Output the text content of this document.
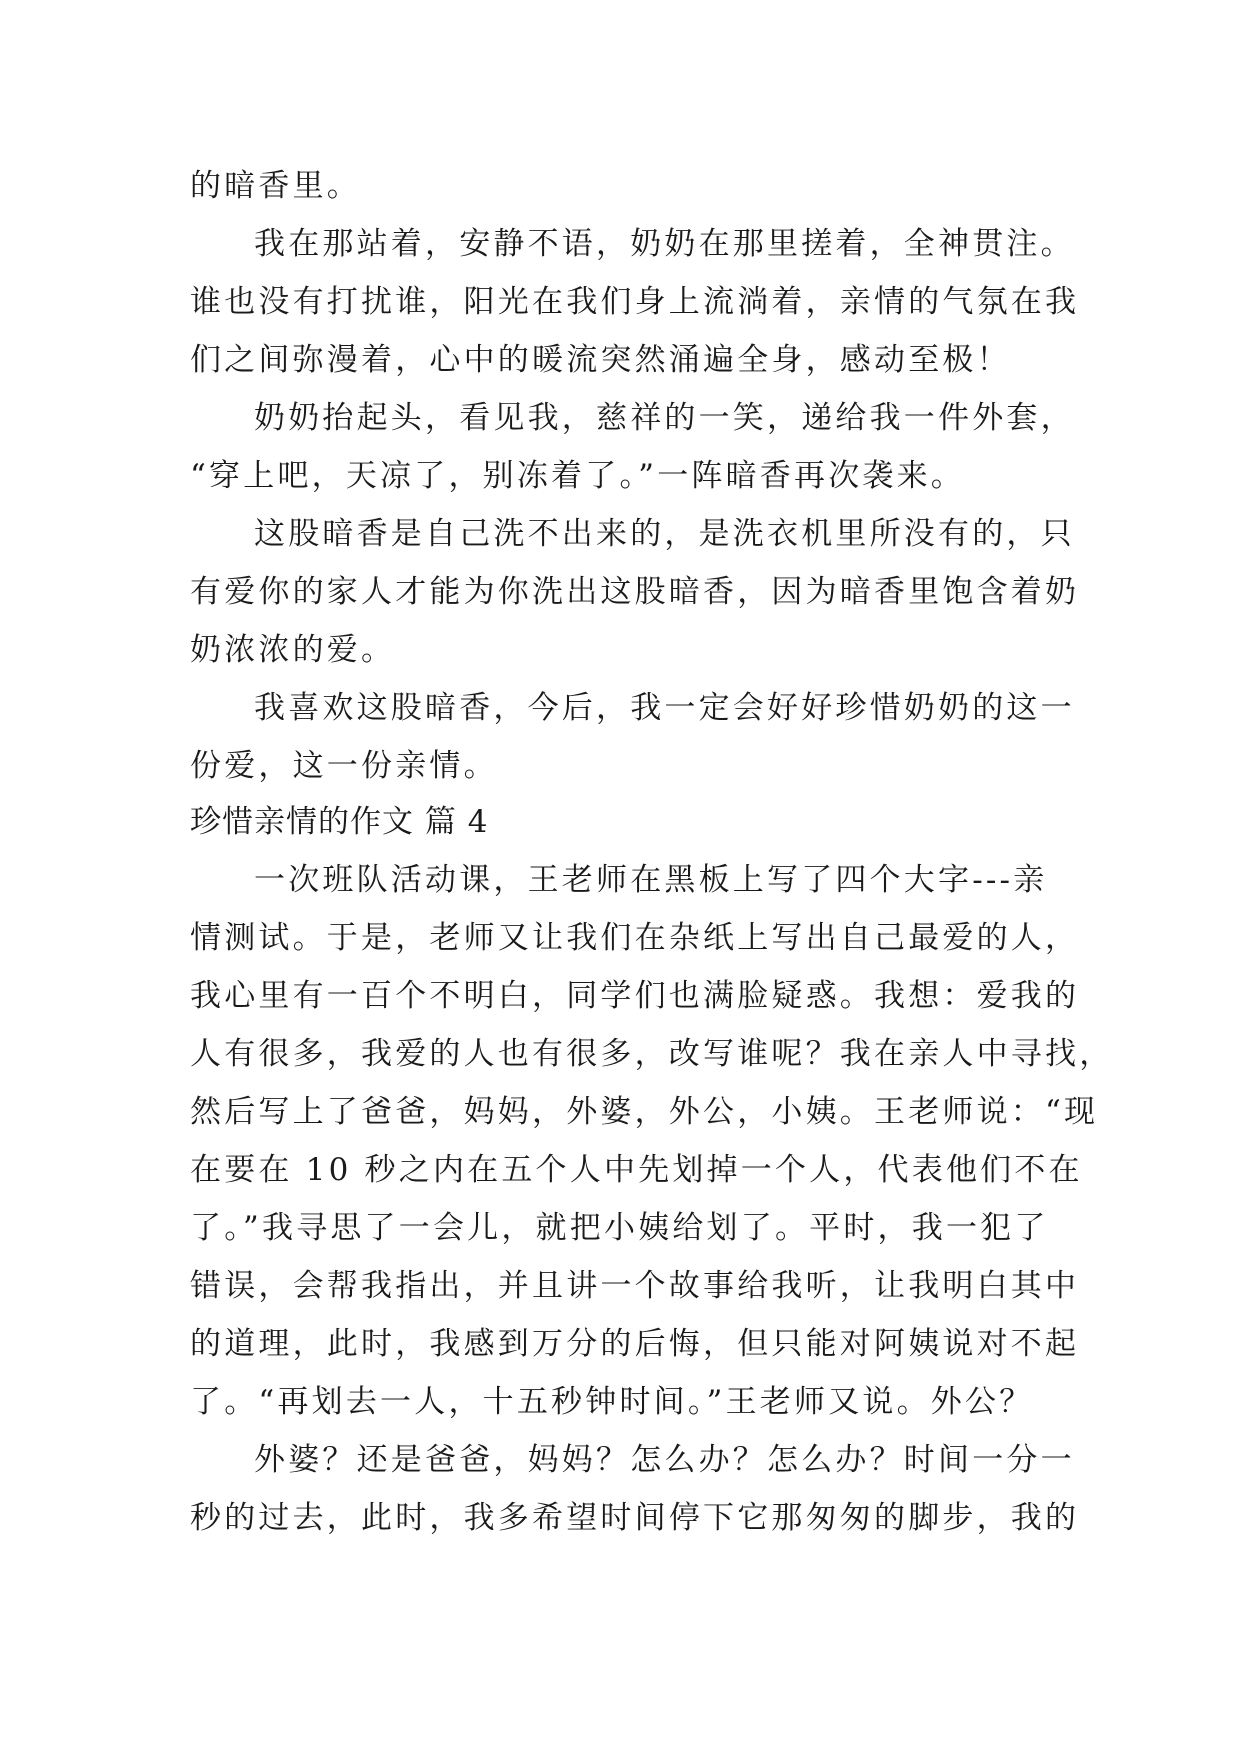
的暗香里。
我在那站着，安静不语，奶奶在那里搓着，全神贯注。
谁也没有打扰谁，阳光在我们身上流淌着，亲情的气氛在我
们之间弥漫着，心中的暖流突然涌遍全身，感动至极！
奶奶抬起头，看见我，慈祥的一笑，递给我一件外套，
“穿上吧，天凉了，别冻着了。”一阵暗香再次袭来。
这股暗香是自己洗不出来的，是洗衣机里所没有的，只
有爱你的家人才能为你洗出这股暗香，因为暗香里饱含着奶
奶浓浓的爱。
我喜欢这股暗香，今后，我一定会好好珍惜奶奶的这一
份爱，这一份亲情。
珍惜亲情的作文 篇 4
一次班队活动课，王老师在黑板上写了四个大字---亲
情测试。于是，老师又让我们在杂纸上写出自己最爱的人，
我心里有一百个不明白，同学们也满脸疑惑。我想：爱我的
人有很多，我爱的人也有很多，改写谁呢？我在亲人中寻找，
然后写上了爸爸，妈妈，外婆，外公，小姨。王老师说：“现
在要在 10 秒之内在五个人中先划掉一个人，代表他们不在
了。”我寻思了一会儿，就把小姨给划了。平时，我一犯了
错误，会帮我指出，并且讲一个故事给我听，让我明白其中
的道理，此时，我感到万分的后悔，但只能对阿姨说对不起
了。“再划去一人，十五秒钟时间。”王老师又说。外公？
外婆？还是爸爸，妈妈？怎么办？怎么办？时间一分一
秒的过去，此时，我多希望时间停下它那匆匆的脚步，我的
